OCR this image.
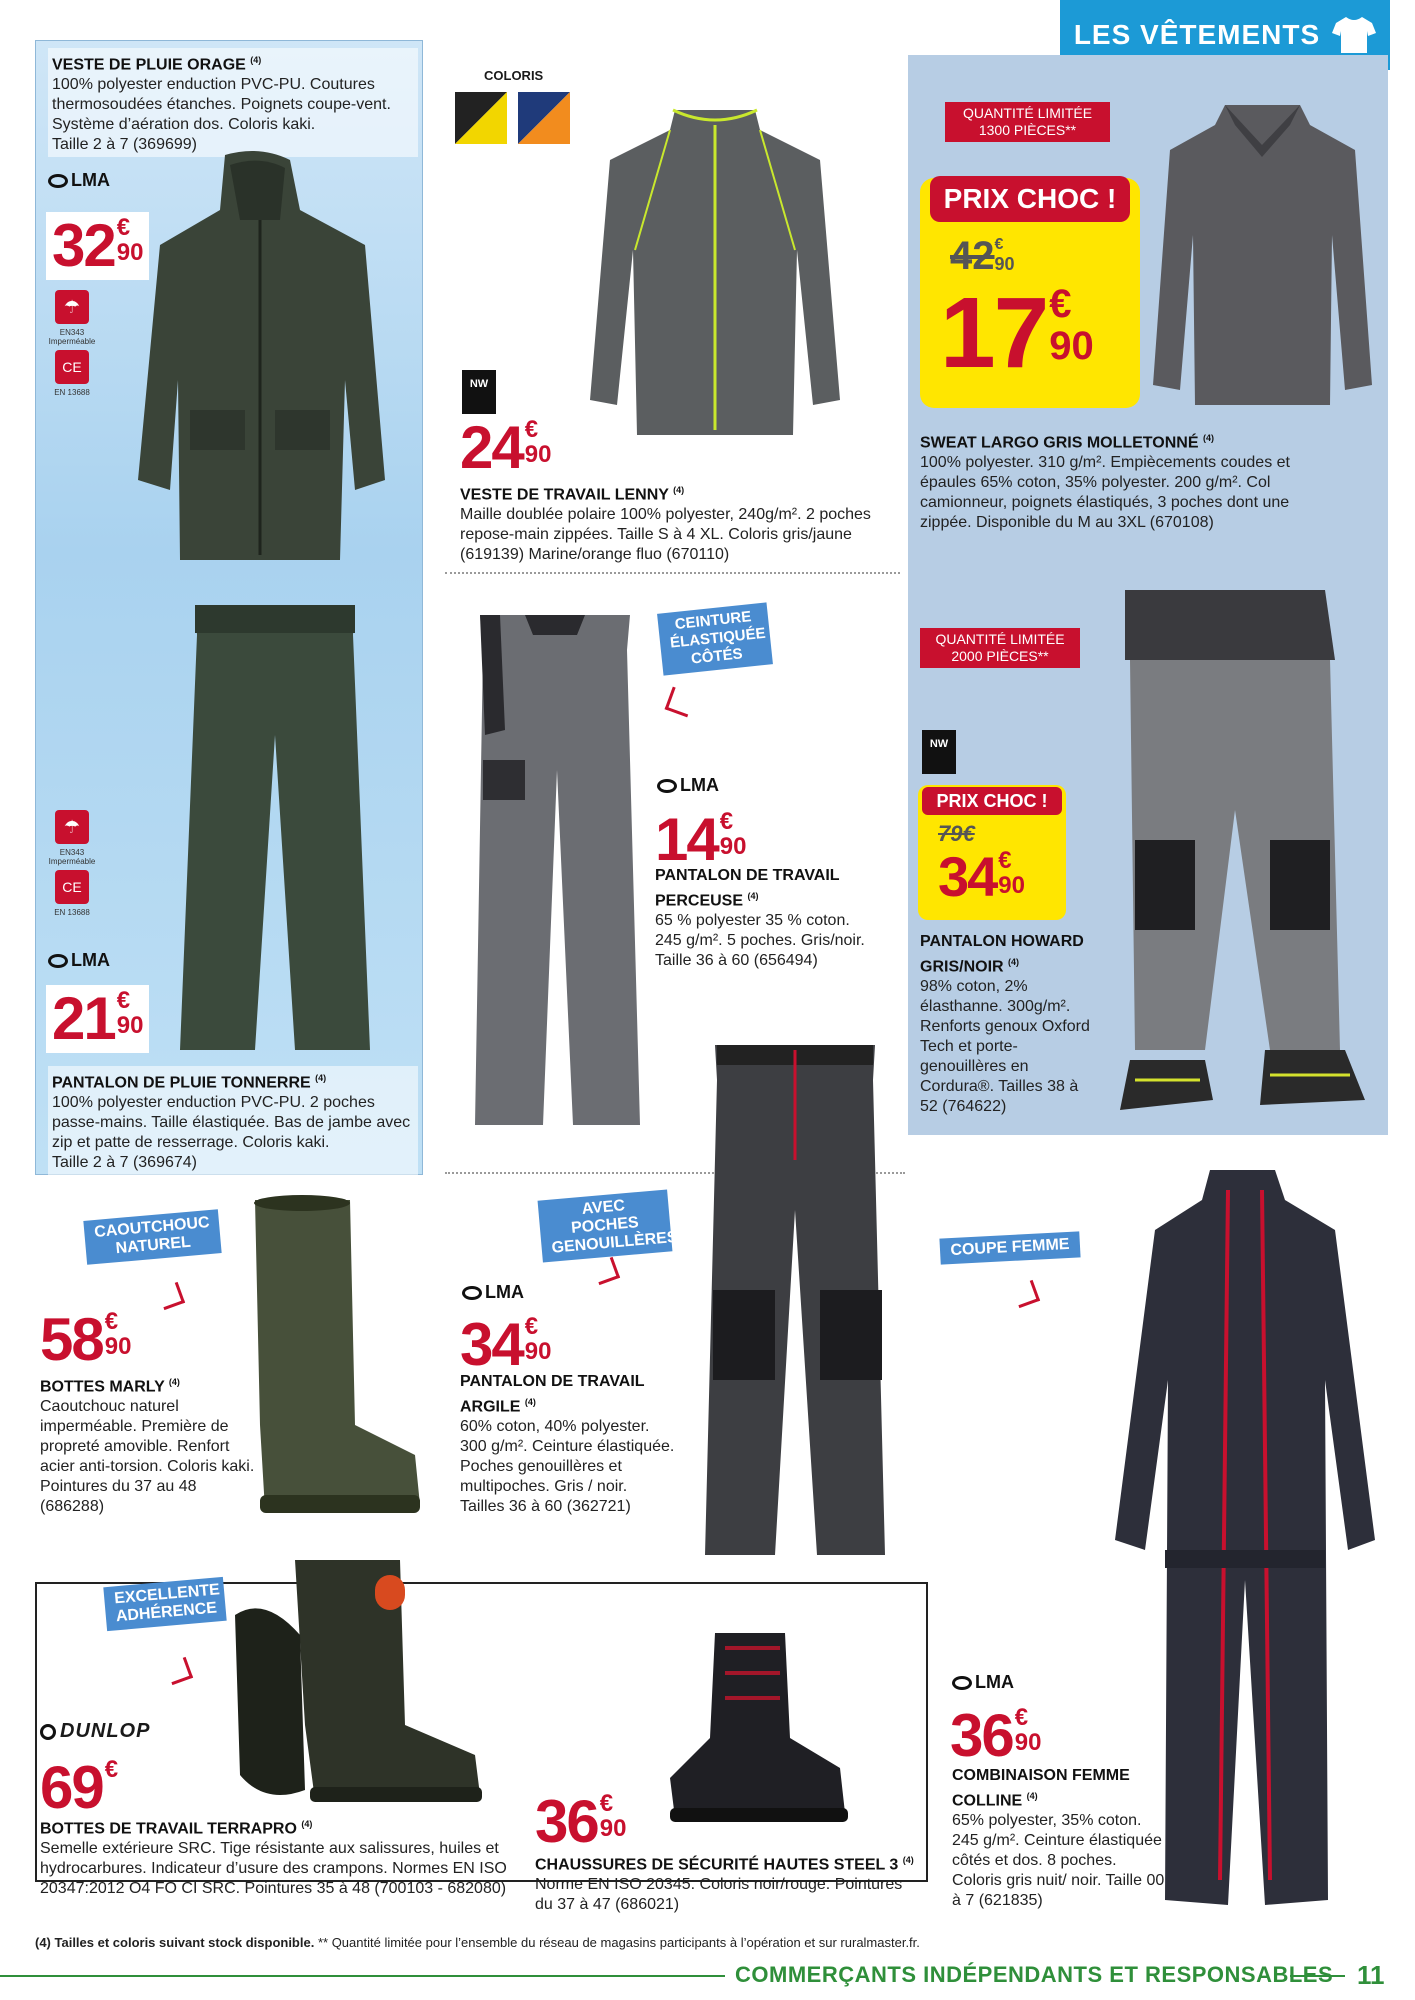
LES VÊTEMENTS
VESTE DE PLUIE ORAGE $^{(4)}$
100% polyester enduction PVC-PU. Coutures thermosoudées étanches. Poignets coupe-vent. Système d’aération dos. Coloris kaki.
Taille 2 à 7 (369699)
LMA
32 €
90
☂
EN343 Imperméable
CE
EN 13688
☂
EN343 Imperméable
CE
EN 13688
LMA
21 €
90
PANTALON DE PLUIE TONNERRE $^{(4)}$
100% polyester enduction PVC-PU. 2 poches passe-mains. Taille élastiquée. Bas de jambe avec zip et patte de resserrage. Coloris kaki.
Taille 2 à 7 (369674)
COLORIS
NW
24 €
90
VESTE DE TRAVAIL LENNY $^{(4)}$
Maille doublée polaire 100% polyester, 240g/m². 2 poches repose-main zippées. Taille S à 4 XL. Coloris gris/jaune (619139) Marine/orange fluo (670110)
QUANTITÉ LIMITÉE 1300 PIÈCES**
PRIX CHOC !
42 €
90
17 €
90
SWEAT LARGO GRIS MOLLETONNÉ $^{(4)}$
100% polyester. 310 g/m². Empiècements coudes et épaules 65% coton, 35% polyester. 200 g/m². Col camionneur, poignets élastiqués, 3 poches dont une zippée. Disponible du M au 3XL (670108)
CEINTURE ÉLASTIQUÉE CÔTÉS
LMA
14 €
90
PANTALON DE TRAVAIL PERCEUSE $^{(4)}$
65 % polyester 35 % coton. 245 g/m². 5 poches. Gris/noir. Taille 36 à 60 (656494)
QUANTITÉ LIMITÉE 2000 PIÈCES**
NW
PRIX CHOC !
79€
34 €
90
PANTALON HOWARD GRIS/NOIR $^{(4)}$
98% coton, 2% élasthanne. 300g/m². Renforts genoux Oxford Tech et porte-genouillères en Cordura®. Tailles 38 à 52 (764622)
CAOUTCHOUC NATUREL
58 €
90
BOTTES MARLY $^{(4)}$
Caoutchouc naturel imperméable. Première de propreté amovible. Renfort acier anti-torsion. Coloris kaki. Pointures du 37 au 48 (686288)
AVEC POCHES GENOUILLÈRES
LMA
34 €
90
PANTALON DE TRAVAIL ARGILE $^{(4)}$
60% coton, 40% polyester. 300 g/m². Ceinture élastiquée. Poches genouillères et multipoches. Gris / noir. Tailles 36 à 60 (362721)
COUPE FEMME
LMA
36 €
90
COMBINAISON FEMME COLLINE $^{(4)}$
65% polyester, 35% coton. 245 g/m². Ceinture élastiquée côtés et dos. 8 poches. Coloris gris nuit/ noir. Taille 00 à 7 (621835)
EXCELLENTE ADHÉRENCE
DUNLOP
69 €
BOTTES DE TRAVAIL TERRAPRO $^{(4)}$
Semelle extérieure SRC. Tige résistante aux salissures, huiles et hydrocarbures. Indicateur d’usure des crampons. Normes EN ISO 20347:2012 O4 FO CI SRC. Pointures 35 à 48 (700103 - 682080)
36 €
90
CHAUSSURES DE SÉCURITÉ HAUTES STEEL 3 $^{(4)}$
Norme EN ISO 20345. Coloris noir/rouge. Pointures du 37 à 47 (686021)
(4) Tailles et coloris suivant stock disponible. ** Quantité limitée pour l’ensemble du réseau de magasins participants à l’opération et sur ruralmaster.fr.
COMMERÇANTS INDÉPENDANTS ET RESPONSABLES 11
